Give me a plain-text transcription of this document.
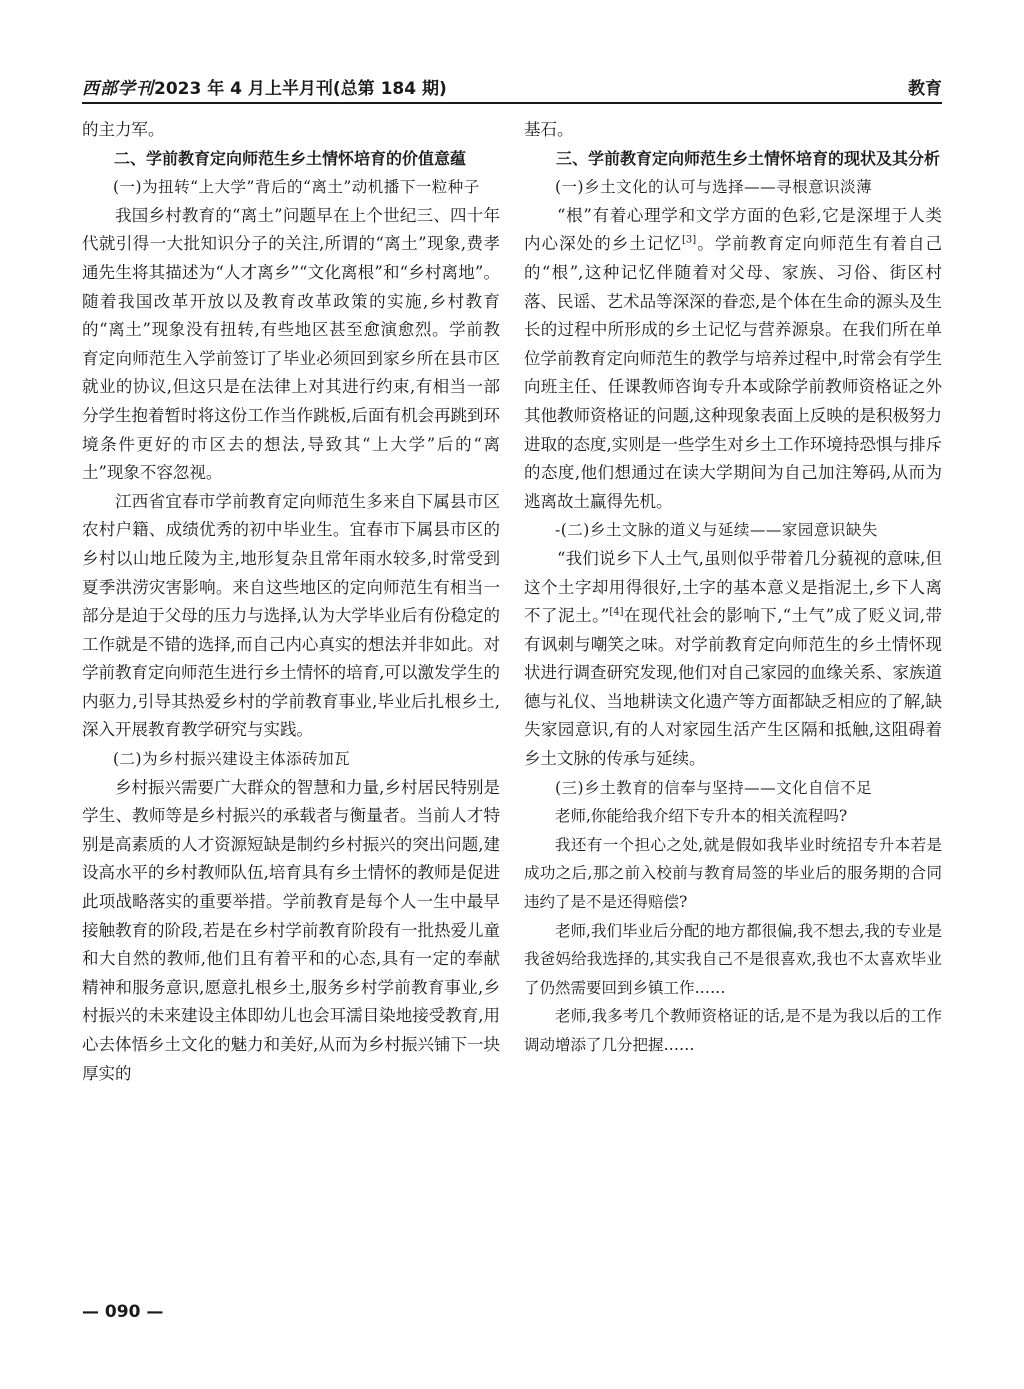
西部学刊2023 年 4 月上半月刊(总第 184 期)	教育

的主力军。

二、学前教育定向师范生乡土情怀培育的价值意蕴

(一)为扭转“上大学”背后的“离土”动机播下一粒种子

我国乡村教育的“离土”问题早在上个世纪三、四十年代就引得一大批知识分子的关注,所谓的“离土”现象,费孝通先生将其描述为“人才离乡”“文化离根”和“乡村离地”。随着我国改革开放以及教育改革政策的实施,乡村教育的“离土”现象没有扭转,有些地区甚至愈演愈烈。学前教育定向师范生入学前签订了毕业必须回到家乡所在县市区就业的协议,但这只是在法律上对其进行约束,有相当一部分学生抱着暂时将这份工作当作跳板,后面有机会再跳到环境条件更好的市区去的想法,导致其“上大学”后的“离土”现象不容忽视。

江西省宜春市学前教育定向师范生多来自下属县市区农村户籍、成绩优秀的初中毕业生。宜春市下属县市区的乡村以山地丘陵为主,地形复杂且常年雨水较多,时常受到夏季洪涝灾害影响。来自这些地区的定向师范生有相当一部分是迫于父母的压力与选择,认为大学毕业后有份稳定的工作就是不错的选择,而自己内心真实的想法并非如此。对学前教育定向师范生进行乡土情怀的培育,可以激发学生的内驱力,引导其热爱乡村的学前教育事业,毕业后扎根乡土,深入开展教育教学研究与实践。

(二)为乡村振兴建设主体添砖加瓦

乡村振兴需要广大群众的智慧和力量,乡村居民特别是学生、教师等是乡村振兴的承载者与衡量者。当前人才特别是高素质的人才资源短缺是制约乡村振兴的突出问题,建设高水平的乡村教师队伍,培育具有乡土情怀的教师是促进此项战略落实的重要举措。学前教育是每个人一生中最早接触教育的阶段,若是在乡村学前教育阶段有一批热爱儿童和大自然的教师,他们且有着平和的心态,具有一定的奉献精神和服务意识,愿意扎根乡土,服务乡村学前教育事业,乡村振兴的未来建设主体即幼儿也会耳濡目染地接受教育,用心去体悟乡土文化的魅力和美好,从而为乡村振兴铺下一块厚实的

基石。

三、学前教育定向师范生乡土情怀培育的现状及其分析

(一)乡土文化的认可与选择——寻根意识淡薄

“根”有着心理学和文学方面的色彩,它是深埋于人类内心深处的乡土记忆[3]。学前教育定向师范生有着自己的“根”,这种记忆伴随着对父母、家族、习俗、街区村落、民谣、艺术品等深深的眷恋,是个体在生命的源头及生长的过程中所形成的乡土记忆与营养源泉。在我们所在单位学前教育定向师范生的教学与培养过程中,时常会有学生向班主任、任课教师咨询专升本或除学前教师资格证之外其他教师资格证的问题,这种现象表面上反映的是积极努力进取的态度,实则是一些学生对乡土工作环境持恐惧与排斥的态度,他们想通过在读大学期间为自己加注筹码,从而为逃离故土赢得先机。

-(二)乡土文脉的道义与延续——家园意识缺失

“我们说乡下人土气,虽则似乎带着几分藐视的意味,但这个土字却用得很好,土字的基本意义是指泥土,乡下人离不了泥土。”[4]在现代社会的影响下,“土气”成了贬义词,带有讽刺与嘲笑之味。对学前教育定向师范生的乡土情怀现状进行调查研究发现,他们对自己家园的血缘关系、家族道德与礼仪、当地耕读文化遗产等方面都缺乏相应的了解,缺失家园意识,有的人对家园生活产生区隔和抵触,这阻碍着乡土文脉的传承与延续。

(三)乡土教育的信奉与坚持——文化自信不足

老师,你能给我介绍下专升本的相关流程吗?

我还有一个担心之处,就是假如我毕业时统招专升本若是成功之后,那之前入校前与教育局签的毕业后的服务期的合同违约了是不是还得赔偿?

老师,我们毕业后分配的地方都很偏,我不想去,我的专业是我爸妈给我选择的,其实我自己不是很喜欢,我也不太喜欢毕业了仍然需要回到乡镇工作……

老师,我多考几个教师资格证的话,是不是为我以后的工作调动增添了几分把握……

— 090 —
